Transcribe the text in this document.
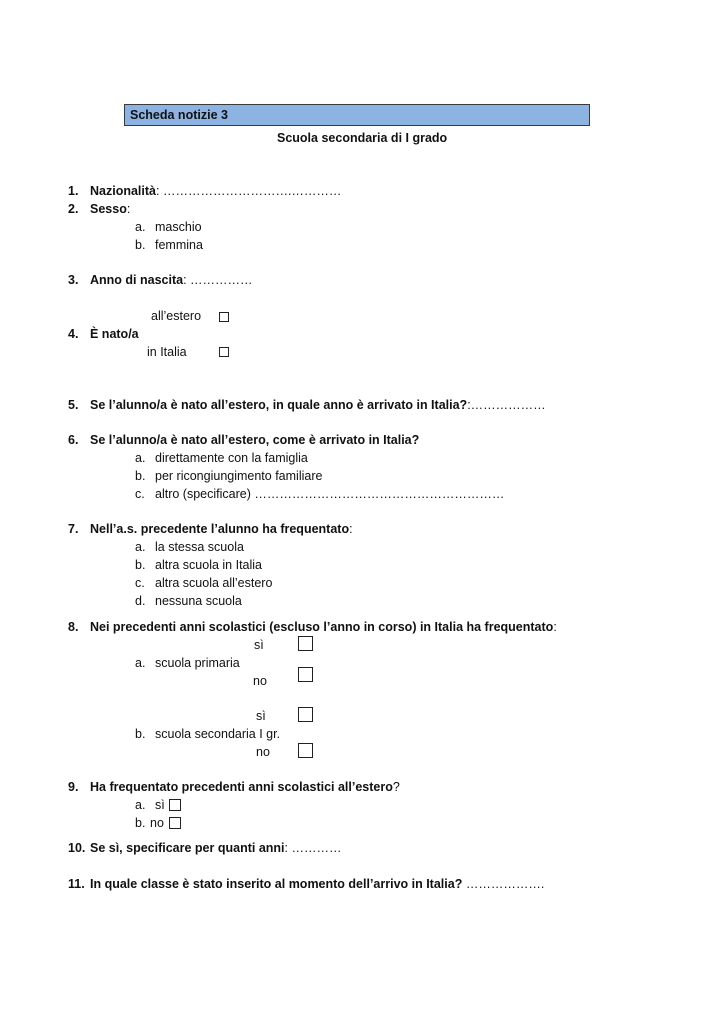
Scheda notizie 3
Scuola secondaria di I grado
1. Nazionalità: ………………………….…………
2. Sesso:
a. maschio
b. femmina
3. Anno di nascita: ……………
all’estero
4. È nato/a
in Italia
5. Se l’alunno/a è nato all’estero, in quale anno è arrivato in Italia?:………………
6. Se l’alunno/a è nato all’estero, come è arrivato in Italia?
a. direttamente con la famiglia
b. per ricongiungimento familiare
c. altro (specificare) ……………………………………………………
7. Nell’a.s. precedente l’alunno ha frequentato:
a. la stessa scuola
b. altra scuola in Italia
c. altra scuola all’estero
d. nessuna scuola
8. Nei precedenti anni scolastici (escluso l’anno in corso) in Italia ha frequentato:
sì
a. scuola primaria
no
sì
b. scuola secondaria I gr.
no
9. Ha frequentato precedenti anni scolastici all’estero?
a. sì
b. no
10. Se sì, specificare per quanti anni: …………
11. In quale classe è stato inserito al momento dell’arrivo in Italia? ……………….
